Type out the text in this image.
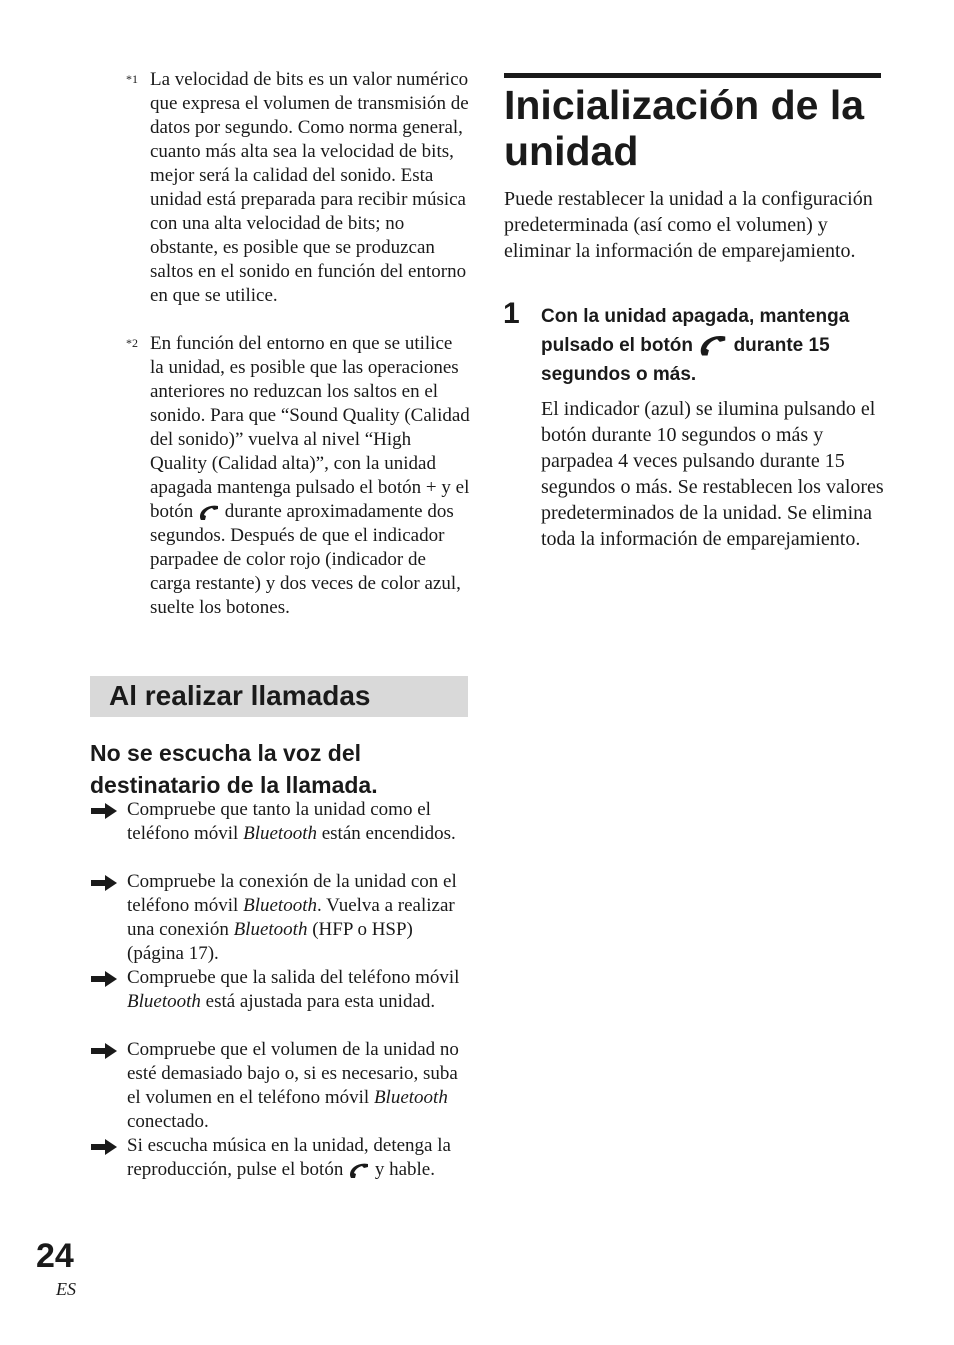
*1 La velocidad de bits es un valor numérico que expresa el volumen de transmisión de datos por segundo. Como norma general, cuanto más alta sea la velocidad de bits, mejor será la calidad del sonido. Esta unidad está preparada para recibir música con una alta velocidad de bits; no obstante, es posible que se produzcan saltos en el sonido en función del entorno en que se utilice.
*2 En función del entorno en que se utilice la unidad, es posible que las operaciones anteriores no reduzcan los saltos en el sonido. Para que “Sound Quality (Calidad del sonido)” vuelva al nivel “High Quality (Calidad alta)”, con la unidad apagada mantenga pulsado el botón + y el botón durante aproximadamente dos segundos. Después de que el indicador parpadee de color rojo (indicador de carga restante) y dos veces de color azul, suelte los botones.
Al realizar llamadas
No se escucha la voz del destinatario de la llamada.
Compruebe que tanto la unidad como el teléfono móvil Bluetooth están encendidos.
Compruebe la conexión de la unidad con el teléfono móvil Bluetooth. Vuelva a realizar una conexión Bluetooth (HFP o HSP) (página 17).
Compruebe que la salida del teléfono móvil Bluetooth está ajustada para esta unidad.
Compruebe que el volumen de la unidad no esté demasiado bajo o, si es necesario, suba el volumen en el teléfono móvil Bluetooth conectado.
Si escucha música en la unidad, detenga la reproducción, pulse el botón y hable.
Inicialización de la unidad
Puede restablecer la unidad a la configuración predeterminada (así como el volumen) y eliminar la información de emparejamiento.
1 Con la unidad apagada, mantenga pulsado el botón durante 15 segundos o más.
El indicador (azul) se ilumina pulsando el botón durante 10 segundos o más y parpadea 4 veces pulsando durante 15 segundos o más. Se restablecen los valores predeterminados de la unidad. Se elimina toda la información de emparejamiento.
24
ES
